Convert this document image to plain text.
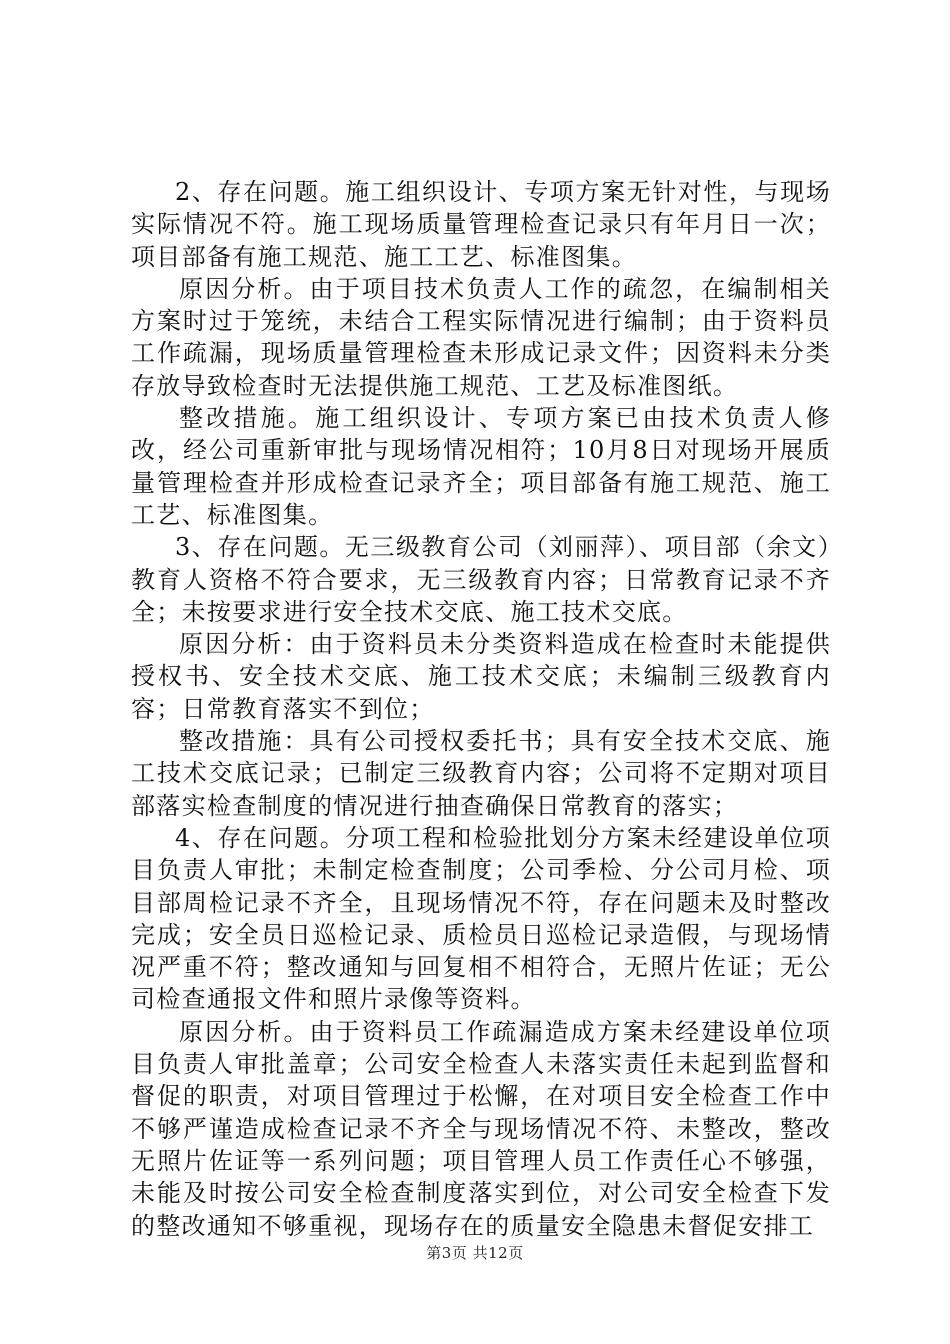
2、存在问题。施工组织设计、专项方案无针对性，与现场实际情况不符。施工现场质量管理检查记录只有年月日一次；项目部备有施工规范、施工工艺、标准图集。

原因分析。由于项目技术负责人工作的疏忽，在编制相关方案时过于笼统，未结合工程实际情况进行编制；由于资料员工作疏漏，现场质量管理检查未形成记录文件；因资料未分类存放导致检查时无法提供施工规范、工艺及标准图纸。

整改措施。施工组织设计、专项方案已由技术负责人修改，经公司重新审批与现场情况相符；10月8日对现场开展质量管理检查并形成检查记录齐全；项目部备有施工规范、施工工艺、标准图集。

3、存在问题。无三级教育公司（刘丽萍）、项目部（余文）教育人资格不符合要求，无三级教育内容；日常教育记录不齐全；未按要求进行安全技术交底、施工技术交底。

原因分析：由于资料员未分类资料造成在检查时未能提供授权书、安全技术交底、施工技术交底；未编制三级教育内容；日常教育落实不到位；

整改措施：具有公司授权委托书；具有安全技术交底、施工技术交底记录；已制定三级教育内容；公司将不定期对项目部落实检查制度的情况进行抽查确保日常教育的落实；

4、存在问题。分项工程和检验批划分方案未经建设单位项目负责人审批；未制定检查制度；公司季检、分公司月检、项目部周检记录不齐全，且现场情况不符，存在问题未及时整改完成；安全员日巡检记录、质检员日巡检记录造假，与现场情况严重不符；整改通知与回复相不相符合，无照片佐证；无公司检查通报文件和照片录像等资料。

原因分析。由于资料员工作疏漏造成方案未经建设单位项目负责人审批盖章；公司安全检查人未落实责任未起到监督和督促的职责，对项目管理过于松懈，在对项目安全检查工作中不够严谨造成检查记录不齐全与现场情况不符、未整改，整改无照片佐证等一系列问题；项目管理人员工作责任心不够强，未能及时按公司安全检查制度落实到位，对公司安全检查下发的整改通知不够重视，现场存在的质量安全隐患未督促安排工

第3页 共12页
